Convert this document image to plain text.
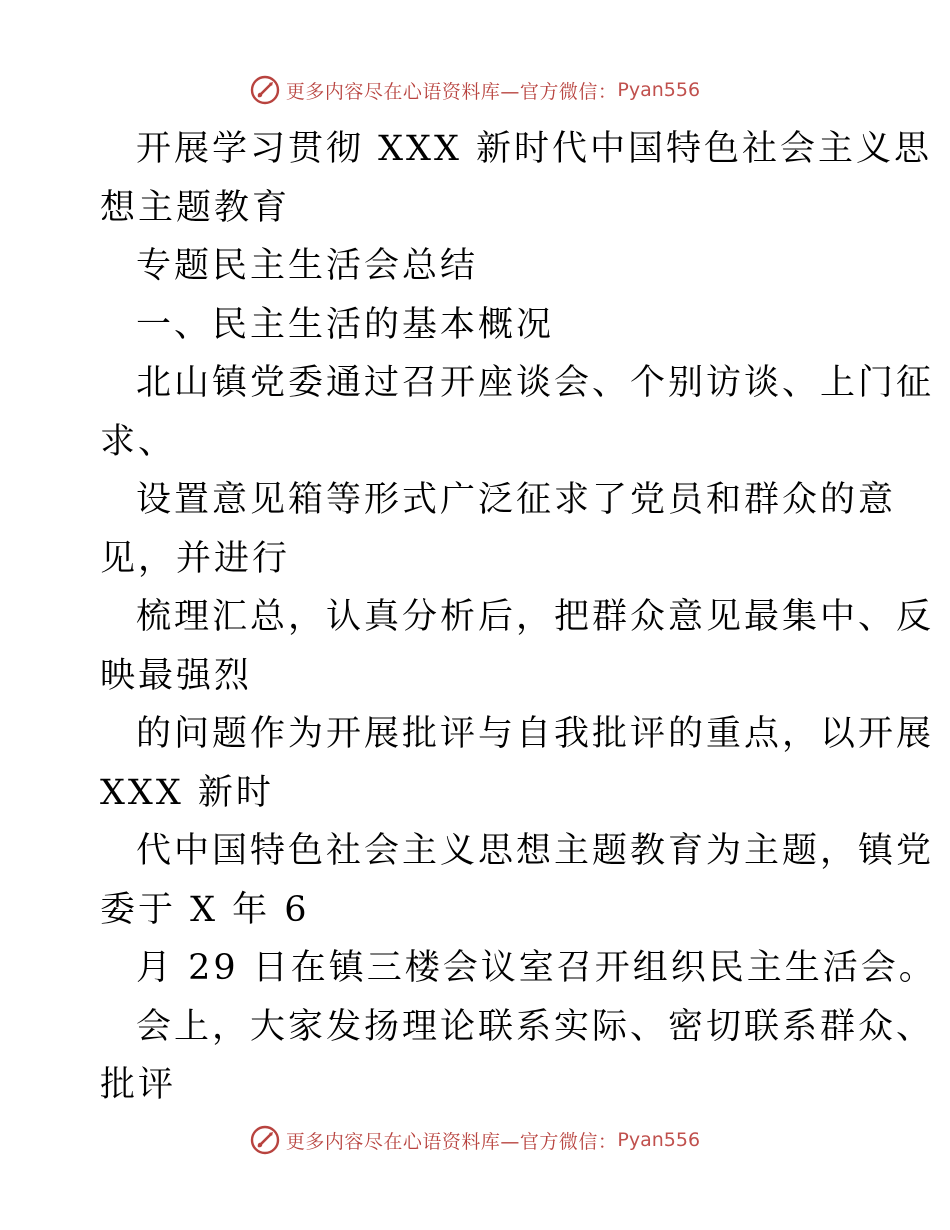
更多内容尽在心语资料库—官方微信： Pyan556
开展学习贯彻 XXX 新时代中国特色社会主义思
想主题教育
专题民主生活会总结
一、民主生活的基本概况
北山镇党委通过召开座谈会、个别访谈、上门征
求、
设置意见箱等形式广泛征求了党员和群众的意
见，并进行
梳理汇总，认真分析后，把群众意见最集中、反
映最强烈
的问题作为开展批评与自我批评的重点，以开展
XXX 新时
代中国特色社会主义思想主题教育为主题，镇党
委于 X 年 6
月 29 日在镇三楼会议室召开组织民主生活会。
会上，大家发扬理论联系实际、密切联系群众、
批评
更多内容尽在心语资料库—官方微信： Pyan556
